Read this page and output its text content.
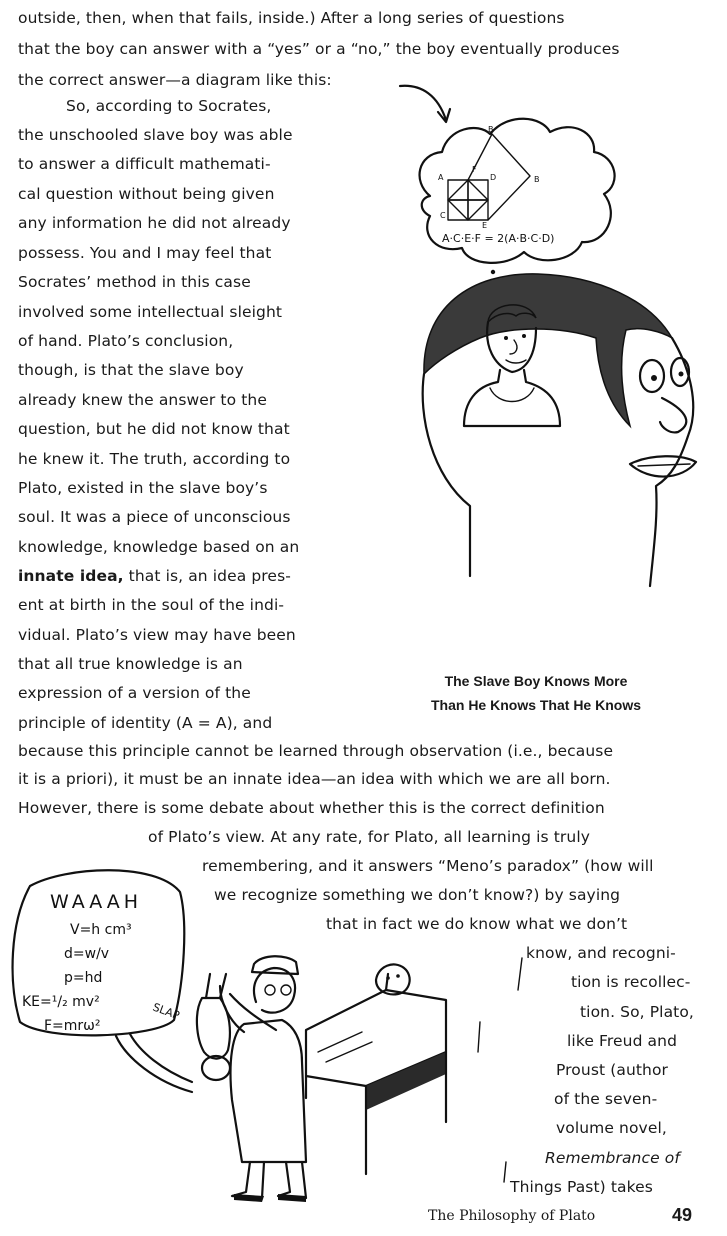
outside, then, when that fails, inside.) After a long series of questions
that the boy can answer with a “yes” or a “no,” the boy eventually produces
the correct answer—a diagram like this:
So, according to Socrates,
the unschooled slave boy was able
to answer a difficult mathemati-
cal question without being given
any information he did not already
possess. You and I may feel that
Socrates’ method in this case
involved some intellectual sleight
of hand. Plato’s conclusion,
though, is that the slave boy
already knew the answer to the
question, but he did not know that
he knew it. The truth, according to
Plato, existed in the slave boy’s
soul. It was a piece of unconscious
knowledge, knowledge based on an
innate idea, that is, an idea pres-
ent at birth in the soul of the indi-
vidual. Plato’s view may have been
that all true knowledge is an
expression of a version of the
principle of identity (A = A), and
The Slave Boy Knows More
Than He Knows That He Knows
because this principle cannot be learned through observation (i.e., because
it is a priori), it must be an innate idea—an idea with which we are all born.
However, there is some debate about whether this is the correct definition
of Plato’s view. At any rate, for Plato, all learning is truly
remembering, and it answers “Meno’s paradox” (how will
we recognize something we don’t know?) by saying
that in fact we do know what we don’t
know, and recogni-
tion is recollec-
tion. So, Plato,
like Freud and
Proust (author
of the seven-
volume novel,
Remembrance of
Things Past) takes
The Philosophy of Plato	49
B
A	B
C
D
E
F
A·C·E·F = 2(A·B·C·D)
WAAAH
V=h cm³
d=w/v
p=hd
KE=¹/₂ mv²
F=mrω²
SLAP
